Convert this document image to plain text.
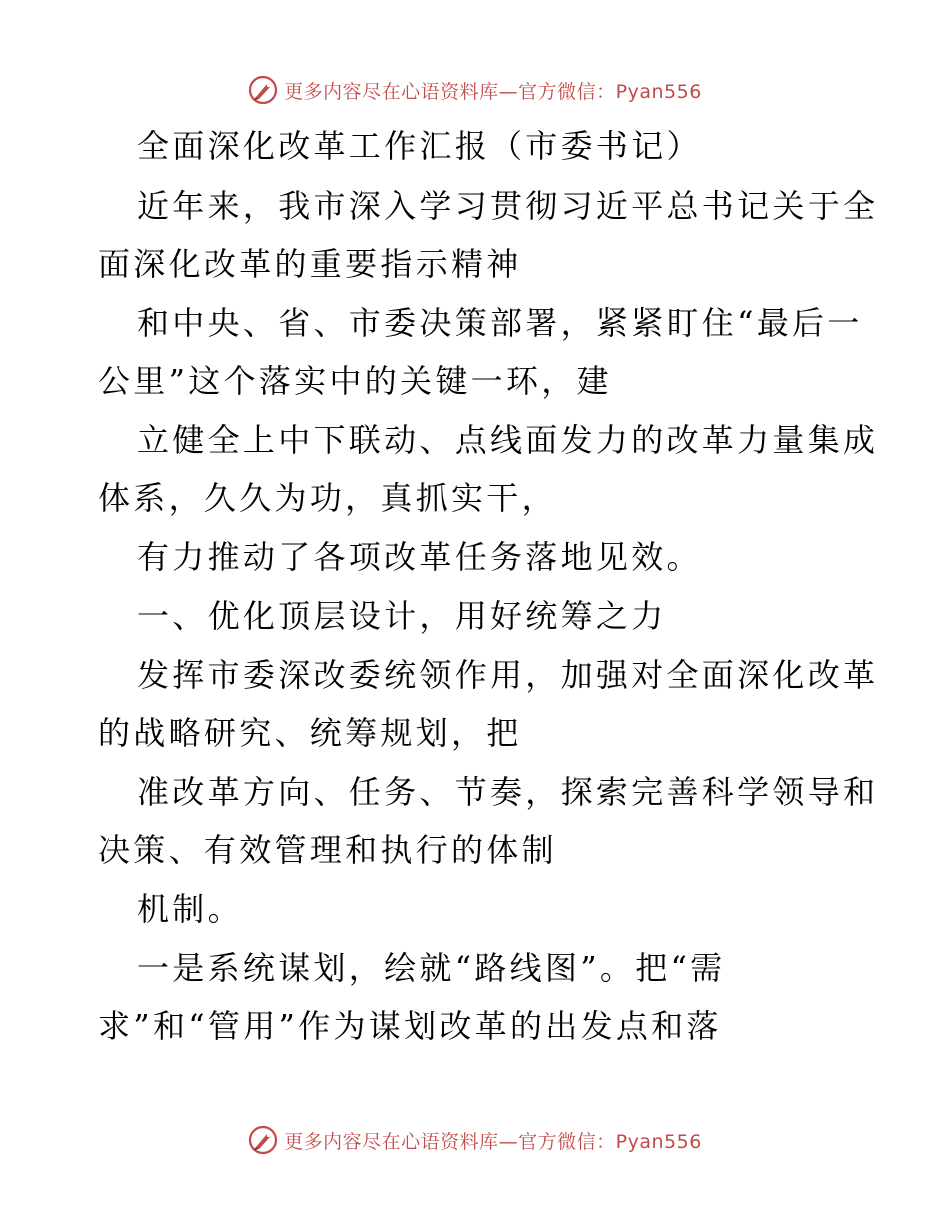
更多内容尽在心语资料库—官方微信：Pyan556
全面深化改革工作汇报（市委书记）
近年来，我市深入学习贯彻习近平总书记关于全
面深化改革的重要指示精神
和中央、省、市委决策部署，紧紧盯住“最后一
公里”这个落实中的关键一环，建
立健全上中下联动、点线面发力的改革力量集成
体系，久久为功，真抓实干，
有力推动了各项改革任务落地见效。
一、优化顶层设计，用好统筹之力
发挥市委深改委统领作用，加强对全面深化改革
的战略研究、统筹规划，把
准改革方向、任务、节奏，探索完善科学领导和
决策、有效管理和执行的体制
机制。
一是系统谋划，绘就“路线图”。把“需
求”和“管用”作为谋划改革的出发点和落
更多内容尽在心语资料库—官方微信：Pyan556
